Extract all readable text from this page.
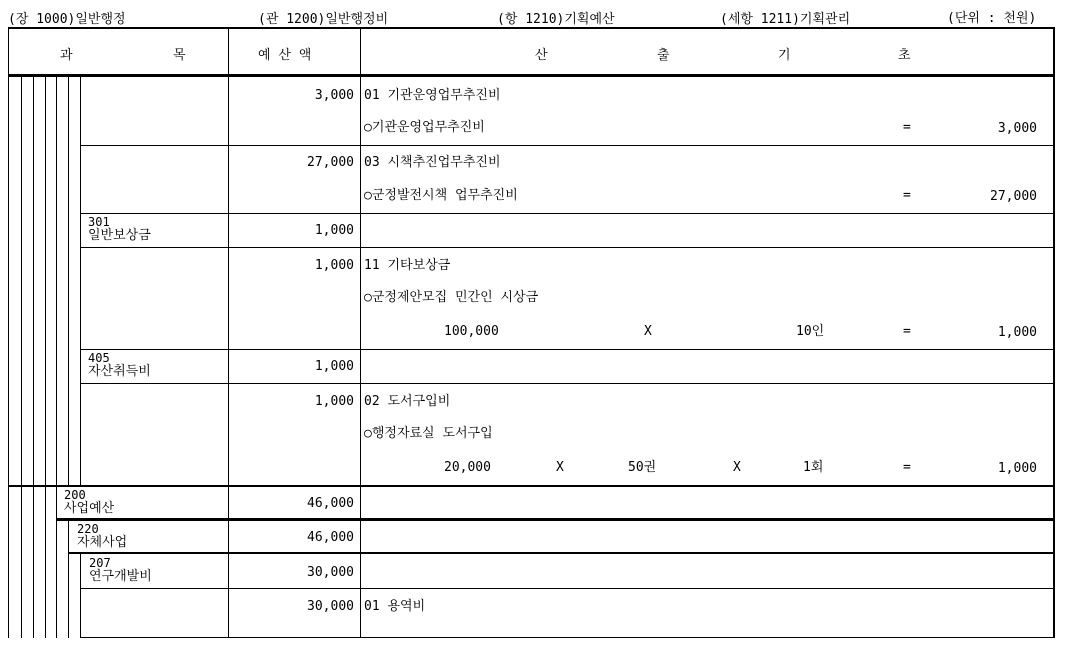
(장 1000)일반행정	(관 1200)일반행정비	(항 1210)기획예산	(세항 1211)기획관리	(단위 : 천원)
과	목	예 산 액	산	출	기	초
3,000 01 기관운영업무추진비
○기관운영업무추진비	=	3,000
27,000 03 시책추진업무추진비
○군정발전시책 업무추진비	=	27,000
301
일반보상금	1,000
1,000 11 기타보상금
○군정제안모집 민간인 시상금
100,000	X	10인	=	1,000
405
자산취득비	1,000
1,000 02 도서구입비
○행정자료실 도서구입
20,000	X	50권	X	1회	=	1,000
200
사업예산	46,000
220
자체사업	46,000
207
연구개발비	30,000
30,000 01 용역비
